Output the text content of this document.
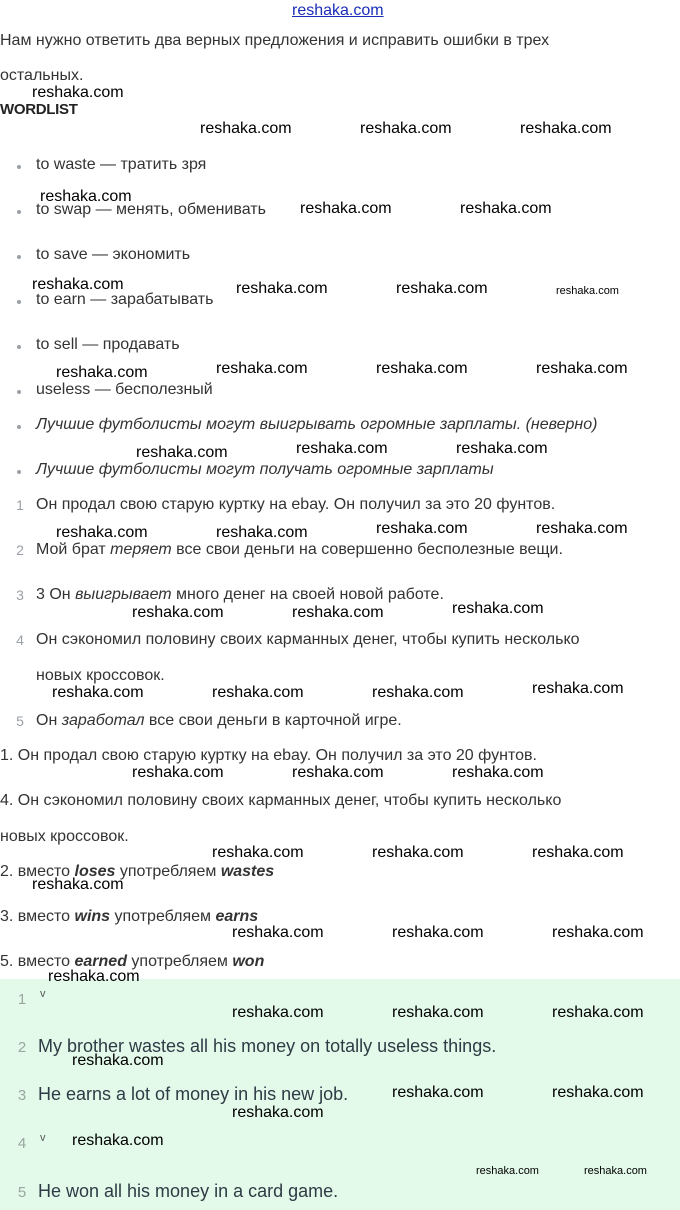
reshaka.com
Нам нужно ответить два верных предложения и исправить ошибки в трех
остальных.
WORDLIST
to waste — тратить зря
to swap — менять, обменивать
to save — экономить
to earn — зарабатывать
to sell — продавать
useless — бесполезный
Лучшие футболисты могут выигрывать огромные зарплаты. (неверно)
Лучшие футболисты могут получать огромные зарплаты
1 Он продал свою старую куртку на ebay. Он получил за это 20 фунтов.
2 Мой брат теряет все свои деньги на совершенно бесполезные вещи.
3 3 Он выигрывает много денег на своей новой работе.
4 Он сэкономил половину своих карманных денег, чтобы купить несколько
новых кроссовок.
5 Он заработал все свои деньги в карточной игре.
1. Он продал свою старую куртку на ebay. Он получил за это 20 фунтов.
4. Он сэкономил половину своих карманных денег, чтобы купить несколько
новых кроссовок.
2. вместо loses употребляем wastes
3. вместо wins употребляем earns
5. вместо earned употребляем won
1 v
2 My brother wastes all his money on totally useless things.
3 He earns a lot of money in his new job.
4 v
5 He won all his money in a card game.
reshaka.com
reshaka.com	reshaka.com	reshaka.com
reshaka.com
reshaka.com	reshaka.com
reshaka.com	reshaka.com	reshaka.com	reshaka.com
reshaka.com	reshaka.com	reshaka.com	reshaka.com
reshaka.com	reshaka.com	reshaka.com
reshaka.com	reshaka.com	reshaka.com	reshaka.com
reshaka.com	reshaka.com	reshaka.com
reshaka.com	reshaka.com	reshaka.com	reshaka.com
reshaka.com	reshaka.com	reshaka.com
reshaka.com	reshaka.com	reshaka.com
reshaka.com
reshaka.com	reshaka.com	reshaka.com
reshaka.com
reshaka.com	reshaka.com	reshaka.com
reshaka.com
reshaka.com	reshaka.com
reshaka.com
reshaka.com
reshaka.com	reshaka.com
